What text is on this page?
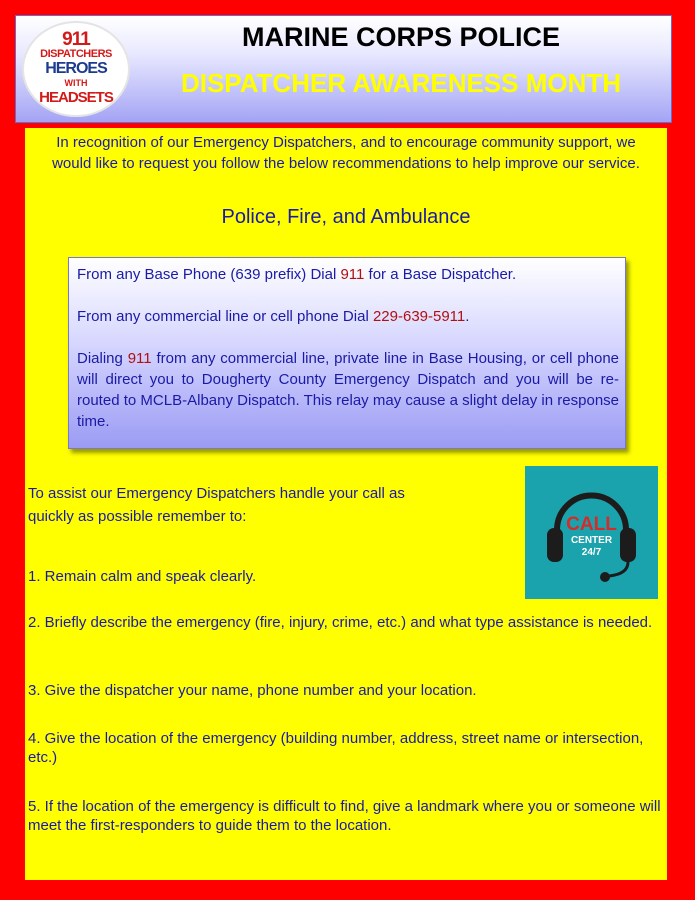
911
DISPATCHERS
HEROES
WITH
HEADSETS
MARINE CORPS POLICE
DISPATCHER AWARENESS MONTH
In recognition of our Emergency Dispatchers, and to encourage community support, we would like to request you follow the below recommendations to help improve our service.
Police, Fire, and Ambulance

From any Base Phone (639 prefix) Dial 911 for a Base Dispatcher.

From any commercial line or cell phone Dial 229-639-5911.

Dialing 911 from any commercial line, private line in Base Housing, or cell phone will direct you to Dougherty County Emergency Dispatch and you will be re-routed to MCLB-Albany Dispatch. This relay may cause a slight delay in response time.

To assist our Emergency Dispatchers handle your call as
quickly as possible remember to:	CALL
CENTER
24/7
1. Remain calm and speak clearly.
2. Briefly describe the emergency (fire, injury, crime, etc.) and what type assistance is needed.
3. Give the dispatcher your name, phone number and your location.
4. Give the location of the emergency (building number, address, street name or intersection, etc.)
5. If the location of the emergency is difficult to find, give a landmark where you or someone will meet the first-responders to guide them to the location.
